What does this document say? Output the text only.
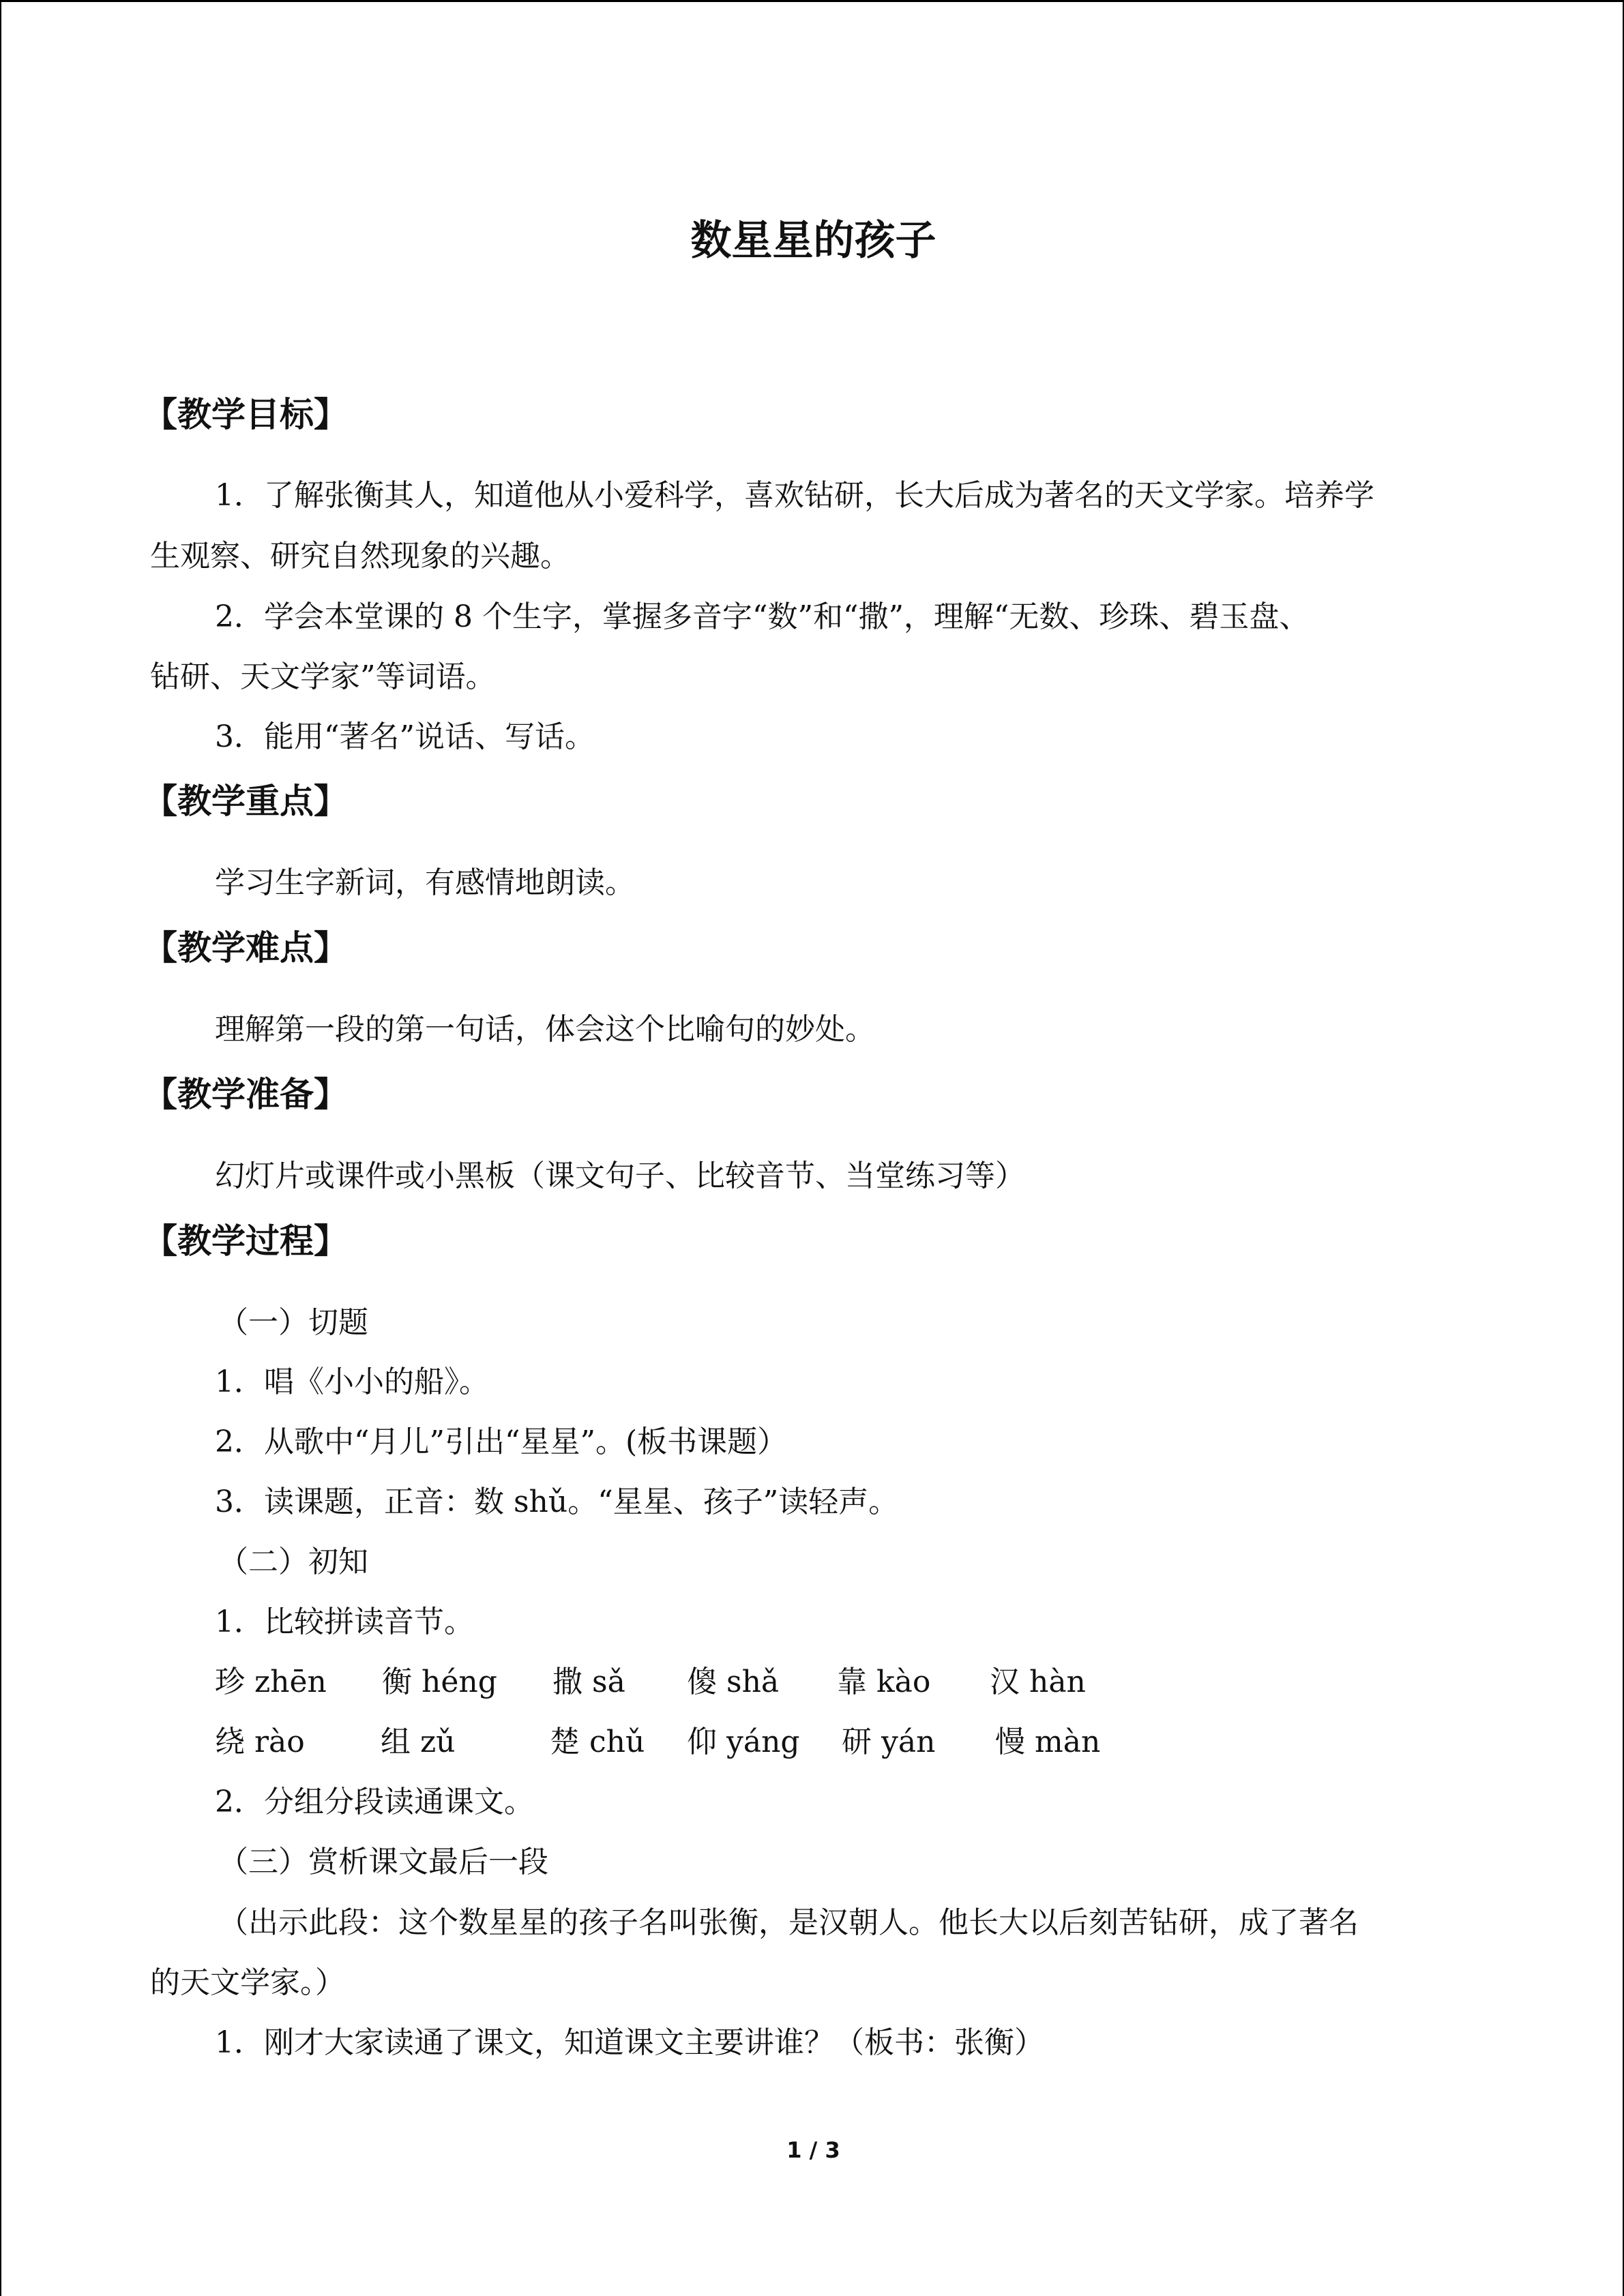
数星星的孩子
【教学目标】
1．了解张衡其人，知道他从小爱科学，喜欢钻研，长大后成为著名的天文学家。培养学
生观察、研究自然现象的兴趣。
2．学会本堂课的 8 个生字，掌握多音字“数”和“撒”，理解“无数、珍珠、碧玉盘、
钻研、天文学家”等词语。
3．能用“著名”说话、写话。
【教学重点】
学习生字新词，有感情地朗读。
【教学难点】
理解第一段的第一句话，体会这个比喻句的妙处。
【教学准备】
幻灯片或课件或小黑板（课文句子、比较音节、当堂练习等）
【教学过程】
（一）切题
1．唱《小小的船》。
2．从歌中“月儿”引出“星星”。(板书课题）
3．读课题，正音：数 shǔ。“星星、孩子”读轻声。
（二）初知
1．比较拼读音节。
珍 zhēn 衡 héng 撒 sǎ 傻 shǎ 靠 kào 汉 hàn
绕 rào	组 zǔ	楚 chǔ 仰 yáng 研 yán 慢 màn
2．分组分段读通课文。
（三）赏析课文最后一段
（出示此段：这个数星星的孩子名叫张衡，是汉朝人。他长大以后刻苦钻研，成了著名
的天文学家。）
1．刚才大家读通了课文，知道课文主要讲谁？（板书：张衡）
1 / 3
